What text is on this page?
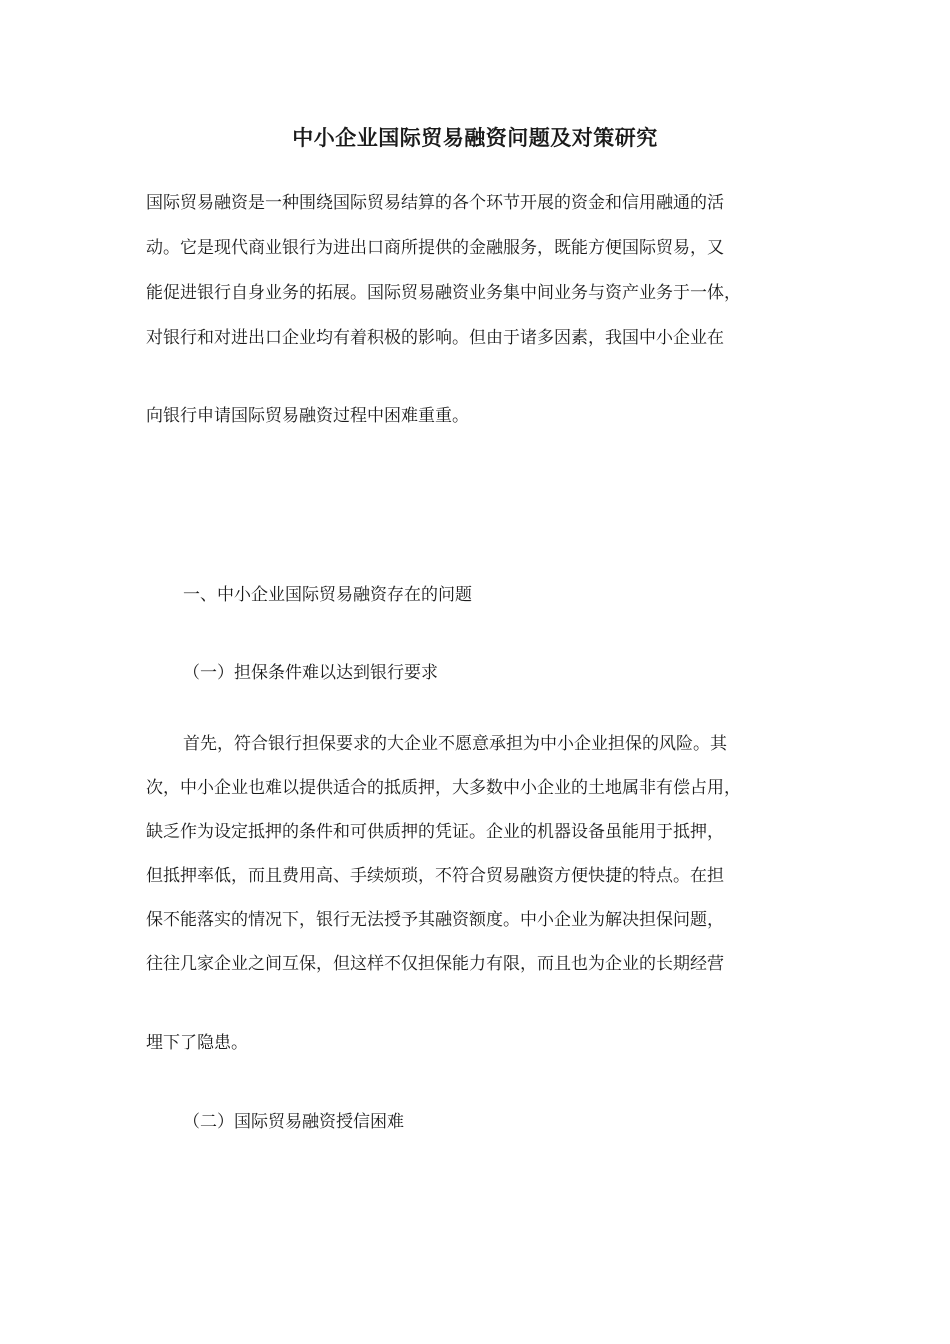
中小企业国际贸易融资问题及对策研究
国际贸易融资是一种围绕国际贸易结算的各个环节开展的资金和信用融通的活
动。它是现代商业银行为进出口商所提供的金融服务，既能方便国际贸易，又
能促进银行自身业务的拓展。国际贸易融资业务集中间业务与资产业务于一体，
对银行和对进出口企业均有着积极的影响。但由于诸多因素，我国中小企业在
向银行申请国际贸易融资过程中困难重重。
一、中小企业国际贸易融资存在的问题
（一）担保条件难以达到银行要求
首先，符合银行担保要求的大企业不愿意承担为中小企业担保的风险。其
次，中小企业也难以提供适合的抵质押，大多数中小企业的土地属非有偿占用，
缺乏作为设定抵押的条件和可供质押的凭证。企业的机器设备虽能用于抵押，
但抵押率低，而且费用高、手续烦琐，不符合贸易融资方便快捷的特点。在担
保不能落实的情况下，银行无法授予其融资额度。中小企业为解决担保问题，
往往几家企业之间互保，但这样不仅担保能力有限，而且也为企业的长期经营
埋下了隐患。
（二）国际贸易融资授信困难
